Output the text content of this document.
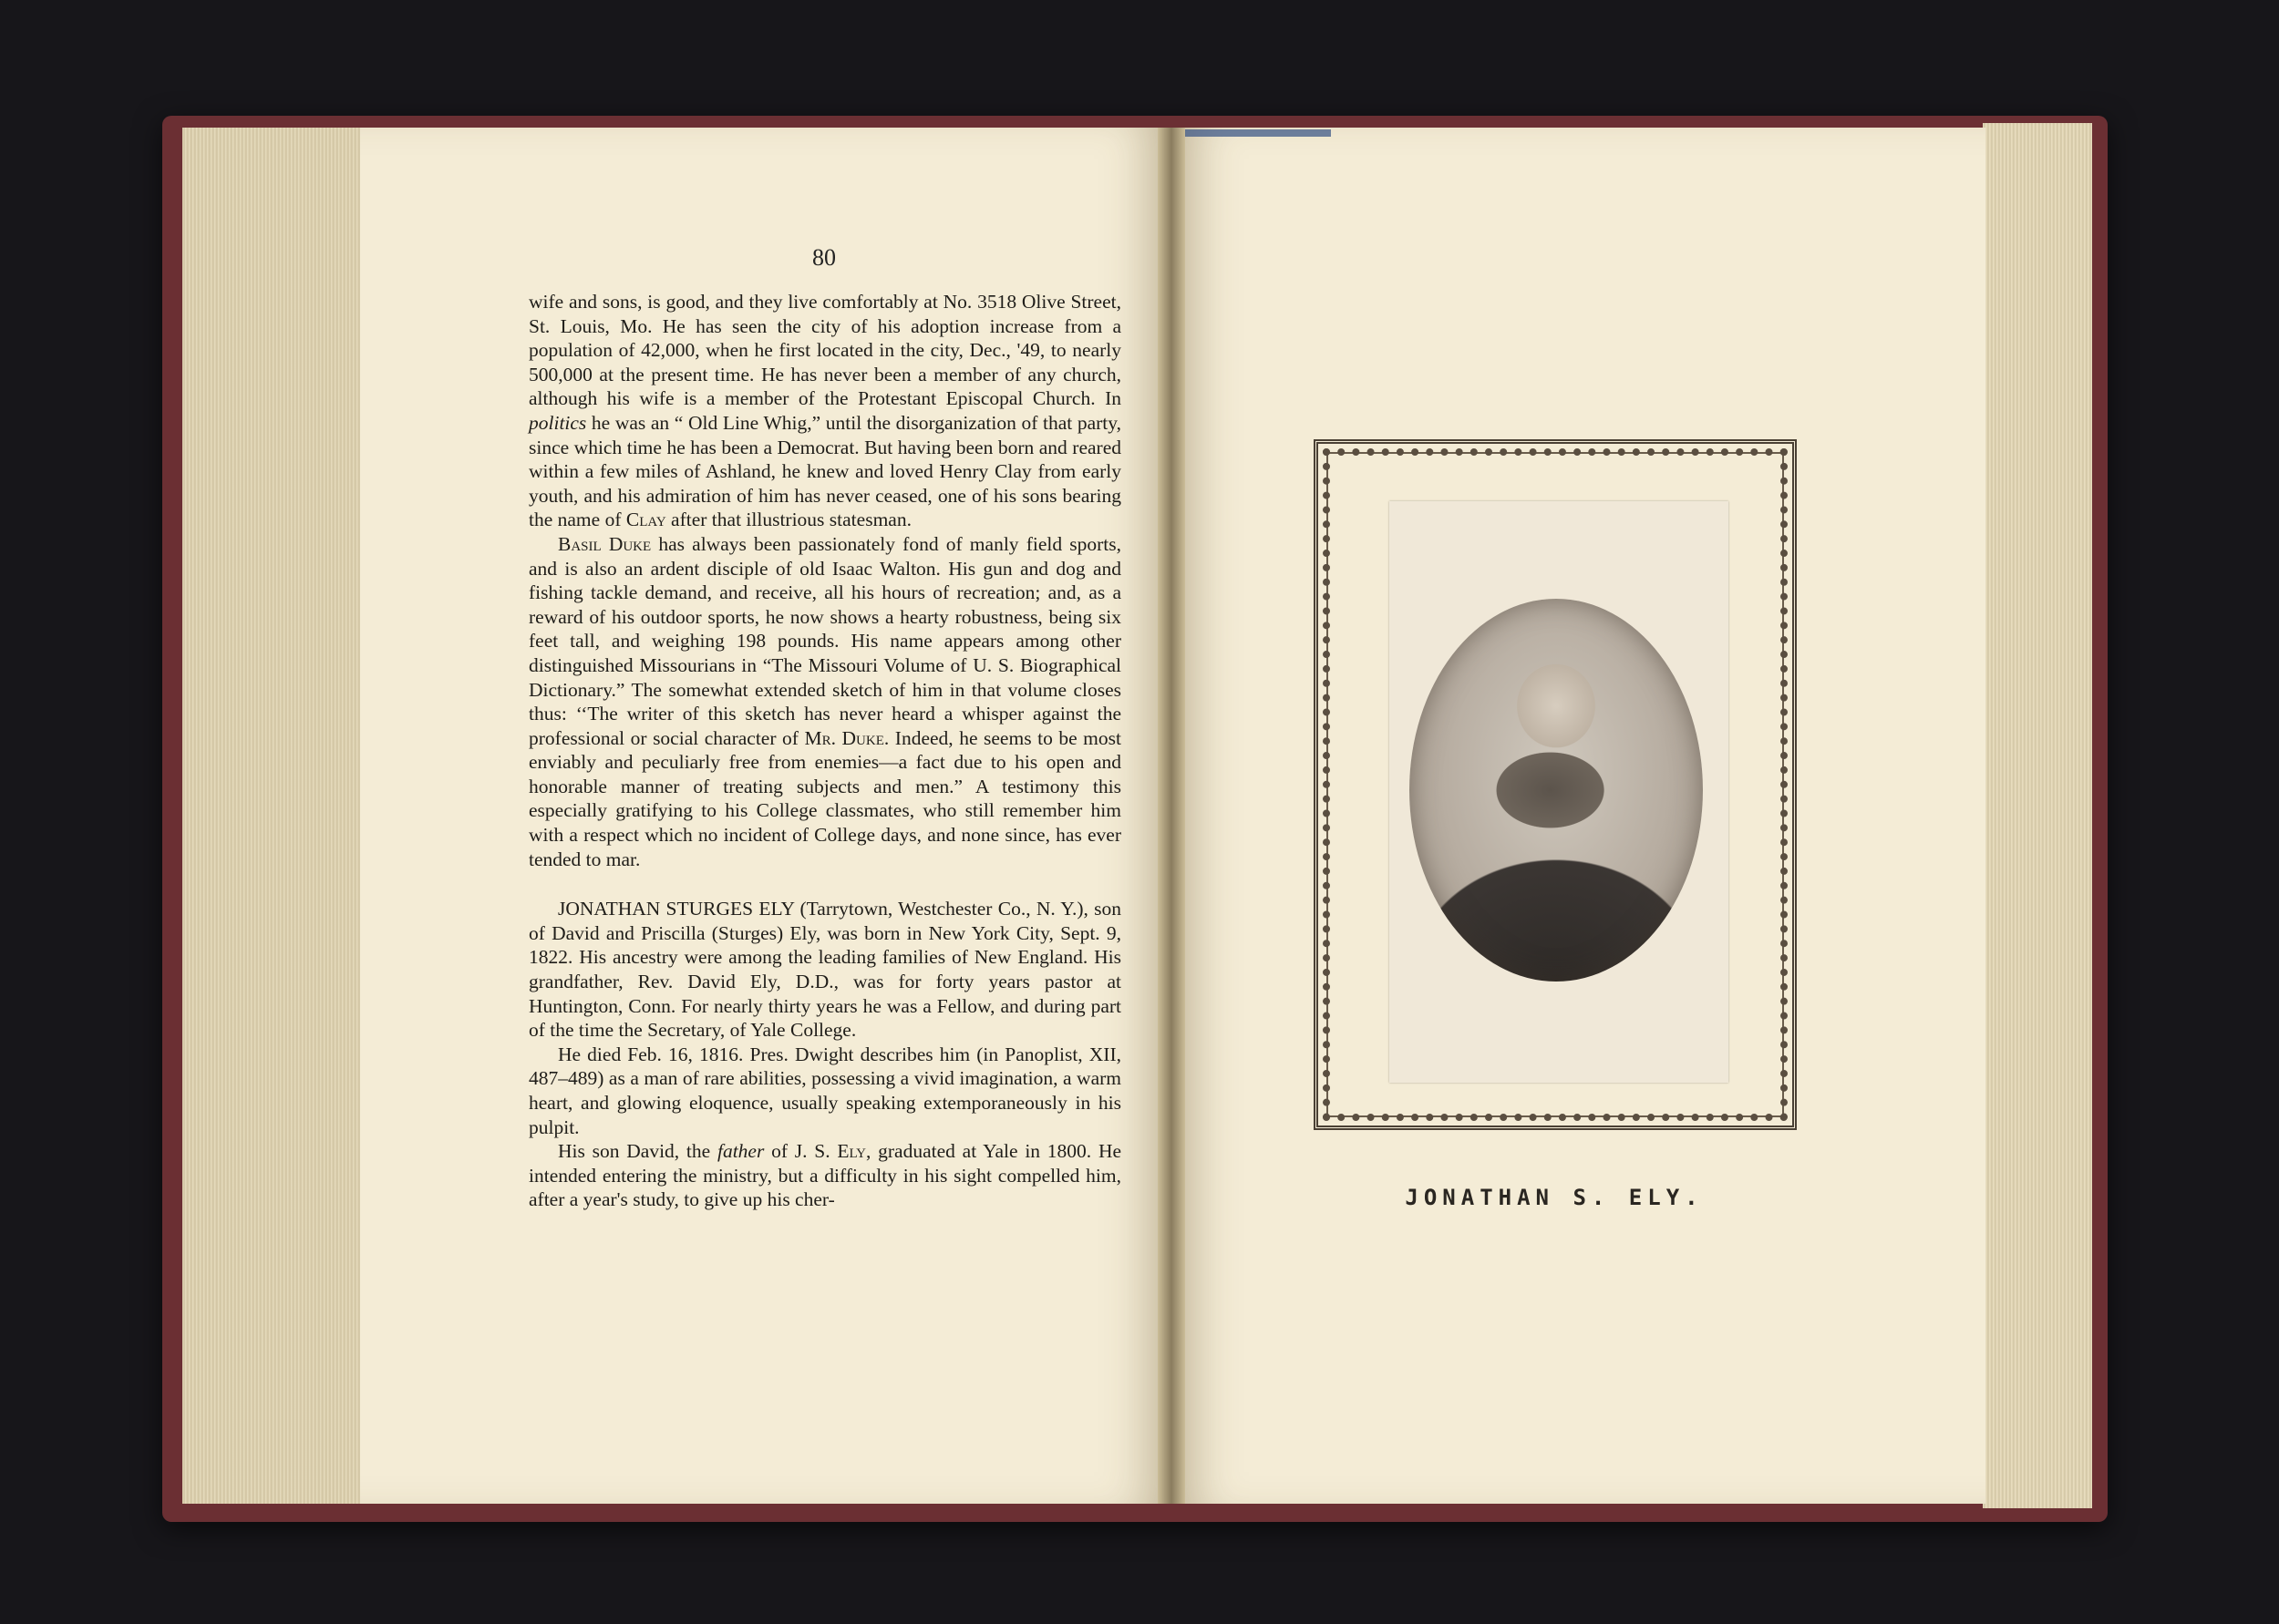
80

wife and sons, is good, and they live comfortably at No. 3518 Olive Street, St. Louis, Mo. He has seen the city of his adoption increase from a population of 42,000, when he first located in the city, Dec., '49, to nearly 500,000 at the present time. He has never been a member of any church, although his wife is a member of the Protestant Episcopal Church. In politics he was an “ Old Line Whig,” until the disorganization of that party, since which time he has been a Democrat. But having been born and reared within a few miles of Ashland, he knew and loved Henry Clay from early youth, and his admiration of him has never ceased, one of his sons bearing the name of Clay after that illustrious statesman.

Basil Duke has always been passionately fond of manly field sports, and is also an ardent disciple of old Isaac Walton. His gun and dog and fishing tackle demand, and receive, all his hours of recreation; and, as a reward of his outdoor sports, he now shows a hearty robustness, being six feet tall, and weighing 198 pounds. His name appears among other distinguished Missourians in “The Missouri Volume of U. S. Biographical Dictionary.” The somewhat extended sketch of him in that volume closes thus: ‘‘The writer of this sketch has never heard a whisper against the professional or social character of Mr. Duke. Indeed, he seems to be most enviably and peculiarly free from enemies—a fact due to his open and honorable manner of treating subjects and men.” A testimony this especially gratifying to his College classmates, who still remember him with a respect which no incident of College days, and none since, has ever tended to mar.

JONATHAN STURGES ELY (Tarrytown, Westchester Co., N. Y.), son of David and Priscilla (Sturges) Ely, was born in New York City, Sept. 9, 1822. His ancestry were among the leading families of New England. His grandfather, Rev. David Ely, D.D., was for forty years pastor at Huntington, Conn. For nearly thirty years he was a Fellow, and during part of the time the Secretary, of Yale College.

He died Feb. 16, 1816. Pres. Dwight describes him (in Panoplist, XII, 487–489) as a man of rare abilities, possessing a vivid imagination, a warm heart, and glowing eloquence, usually speaking extemporaneously in his pulpit.

His son David, the father of J. S. Ely, graduated at Yale in 1800. He intended entering the ministry, but a difficulty in his sight compelled him, after a year's study, to give up his cher-	JONATHAN S. ELY.
